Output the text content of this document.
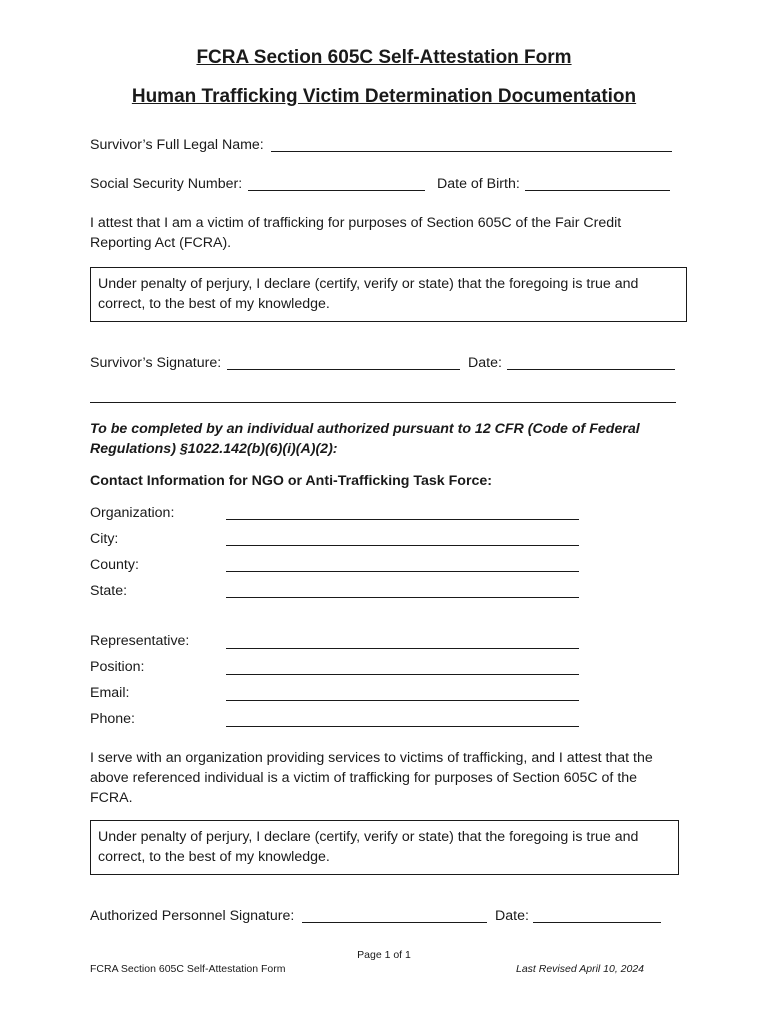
FCRA Section 605C Self-Attestation Form
Human Trafficking Victim Determination Documentation
Survivor’s Full Legal Name:
Social Security Number:	Date of Birth:
I attest that I am a victim of trafficking for purposes of Section 605C of the Fair Credit Reporting Act (FCRA).
Under penalty of perjury, I declare (certify, verify or state) that the foregoing is true and correct, to the best of my knowledge.
Survivor’s Signature:	Date:
To be completed by an individual authorized pursuant to 12 CFR (Code of Federal Regulations) §1022.142(b)(6)(i)(A)(2):
Contact Information for NGO or Anti-Trafficking Task Force:
Organization:
City:
County:
State:
Representative:
Position:
Email:
Phone:
I serve with an organization providing services to victims of trafficking, and I attest that the above referenced individual is a victim of trafficking for purposes of Section 605C of the FCRA.
Under penalty of perjury, I declare (certify, verify or state) that the foregoing is true and correct, to the best of my knowledge.
Authorized Personnel Signature:	Date:
Page 1 of 1
FCRA Section 605C Self-Attestation Form	Last Revised April 10, 2024
